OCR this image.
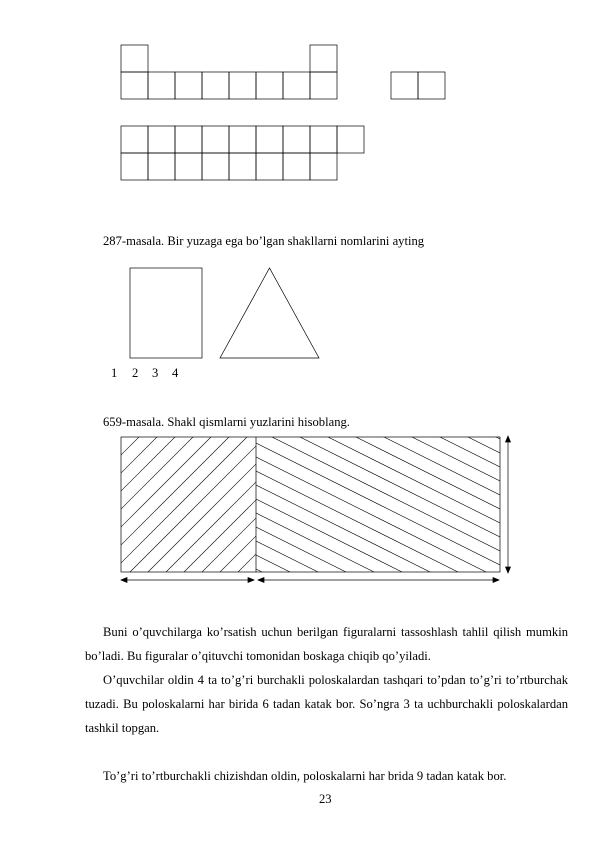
287-masala. Bir yuzaga ega bo’lgan shakllarni nomlarini ayting
1 2 3 4
659-masala. Shakl qismlarni yuzlarini hisoblang.
Buni o’quvchilarga ko’rsatish uchun berilgan figuralarni tassoshlash tahlil qilish mumkin bo’ladi. Bu figuralar o’qituvchi tomonidan boskaga chiqib qo’yiladi.
O’quvchilar oldin 4 ta to’g’ri burchakli poloskalardan tashqari to’pdan to’g’ri to’rtburchak tuzadi. Bu poloskalarni har birida 6 tadan katak bor. So’ngra 3 ta uchburchakli poloskalardan tashkil topgan.
To’g’ri to’rtburchakli chizishdan oldin, poloskalarni har brida 9 tadan katak bor.
23
